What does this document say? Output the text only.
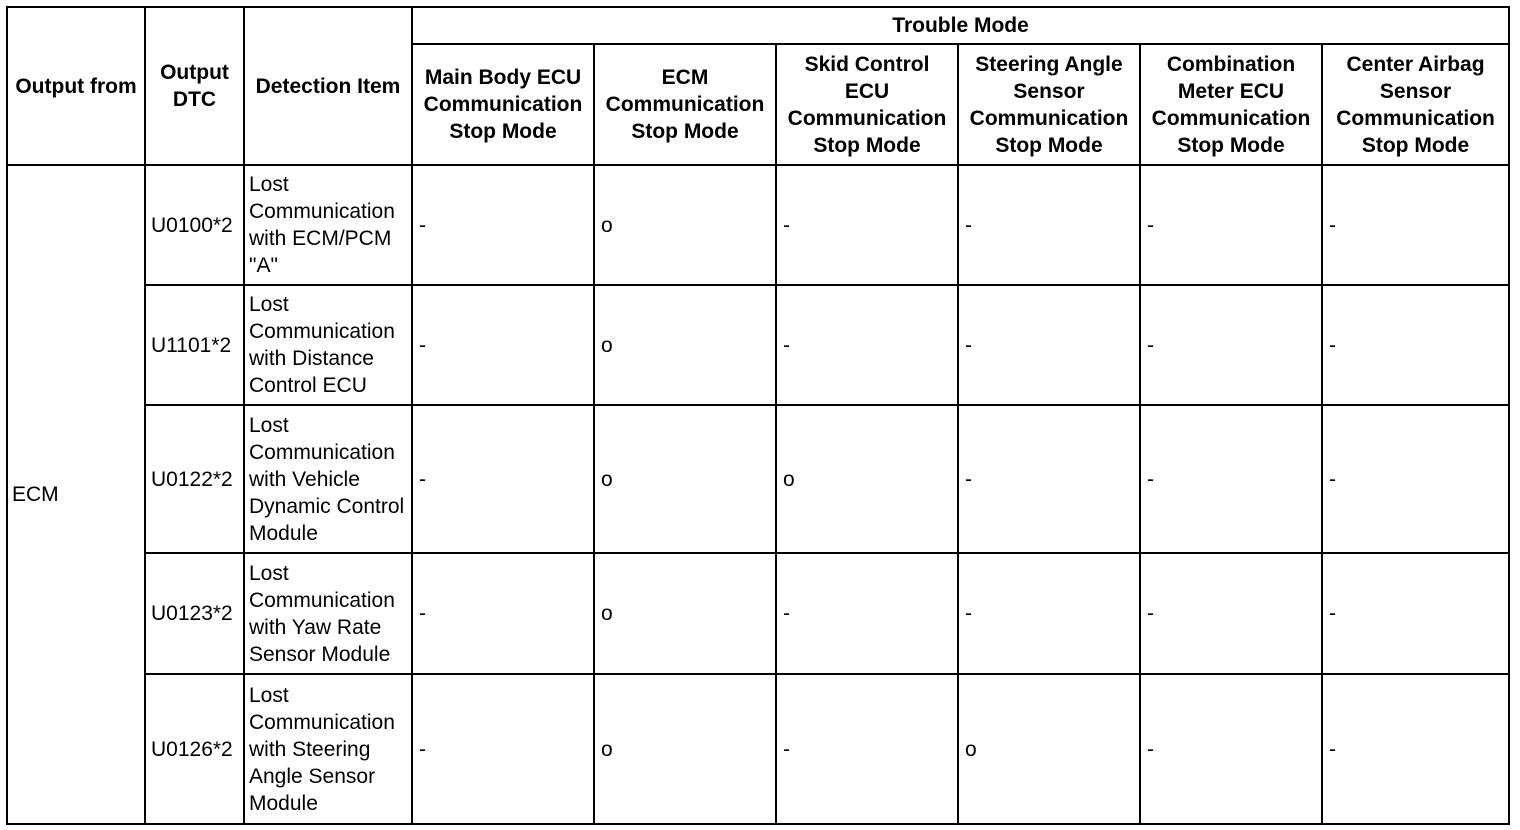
Output from	Output DTC	Detection Item	Trouble Mode					
			Main Body ECU Communication Stop Mode	ECM Communication Stop Mode	Skid Control ECU Communication Stop Mode	Steering Angle Sensor Communication Stop Mode	Combination Meter ECU Communication Stop Mode	Center Airbag Sensor Communication Stop Mode
ECM	U0100*2	Lost Communication with ECM/PCM "A"	-	o	-	-	-	-
	U1101*2	Lost Communication with Distance Control ECU	-	o	-	-	-	-
	U0122*2	Lost Communication with Vehicle Dynamic Control Module	-	o	o	-	-	-
	U0123*2	Lost Communication with Yaw Rate Sensor Module	-	o	-	-	-	-
	U0126*2	Lost Communication with Steering Angle Sensor Module	-	o	-	o	-	-
